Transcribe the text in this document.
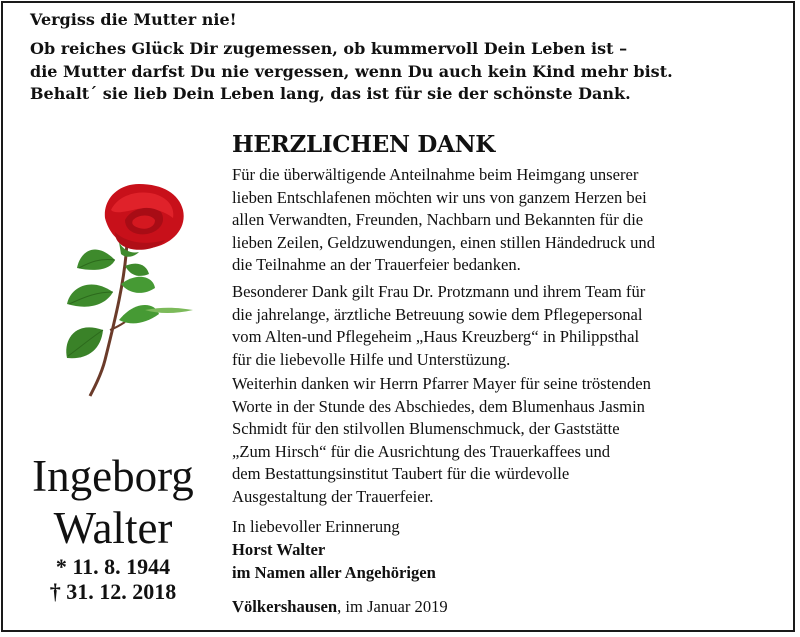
Vergiss die Mutter nie!

Ob reiches Glück Dir zugemessen, ob kummervoll Dein Leben ist –

die Mutter darfst Du nie vergessen, wenn Du auch kein Kind mehr bist.

Behalt´ sie lieb Dein Leben lang, das ist für sie der schönste Dank.

HERZLICHEN DANK

Für die überwältigende Anteilnahme beim Heimgang unserer

lieben Entschlafenen möchten wir uns von ganzem Herzen bei

allen Verwandten, Freunden, Nachbarn und Bekannten für die

lieben Zeilen, Geldzuwendungen, einen stillen Händedruck und

die Teilnahme an der Trauerfeier bedanken.

Besonderer Dank gilt Frau Dr. Protzmann und ihrem Team für

die jahrelange, ärztliche Betreuung sowie dem Pflegepersonal

vom Alten-und Pflegeheim „Haus Kreuzberg“ in Philippsthal

für die liebevolle Hilfe und Unterstüzung.

Weiterhin danken wir Herrn Pfarrer Mayer für seine tröstenden

Worte in der Stunde des Abschiedes, dem Blumenhaus Jasmin

Schmidt für den stilvollen Blumenschmuck, der Gaststätte

„Zum Hirsch“ für die Ausrichtung des Trauerkaffees und

dem Bestattungsinstitut Taubert für die würdevolle

Ausgestaltung der Trauerfeier.

In liebevoller Erinnerung
Horst Walter
im Namen aller Angehörigen
Völkershausen, im Januar 2019
Ingeborg
Walter
* 11. 8. 1944
† 31. 12. 2018
